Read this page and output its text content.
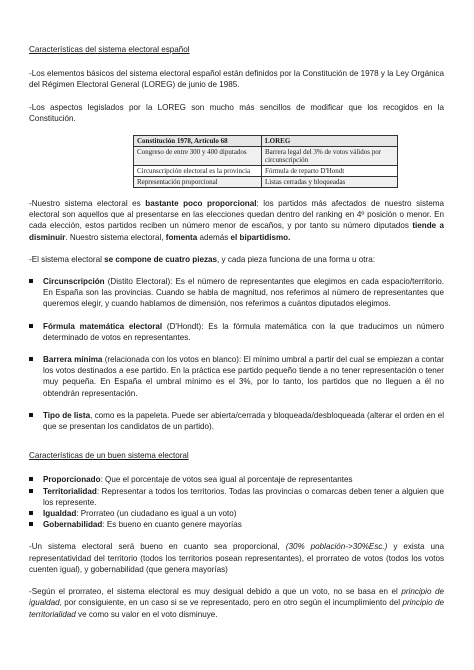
Características del sistema electoral español

-Los elementos básicos del sistema electoral español están definidos por la Constitución de 1978 y la Ley Orgánica del Régimen Electoral General (LOREG) de junio de 1985.

-Los aspectos legislados por la LOREG son mucho más sencillos de modificar que los recogidos en la Constitución.

Constitución 1978, Artículo 68	LOREG
Congreso de entre 300 y 400 diputados	Barrera legal del 3% de votos válidos por circunscripción
Circunscripción electoral es la provincia	Fórmula de reparto D'Hondt
Representación proporcional	Listas cerradas y bloqueadas

-Nuestro sistema electoral es bastante poco proporcional: los partidos más afectados de nuestro sistema electoral son aquellos que al presentarse en las elecciones quedan dentro del ranking en 4º posición o menor. En cada elección, estos partidos reciben un número menor de escaños, y por tanto su número diputados tiende a disminuir. Nuestro sistema electoral, fomenta además el bipartidismo.

-El sistema electoral se compone de cuatro piezas, y cada pieza funciona de una forma u otra:

Circunscripción (Distito Electoral): Es el número de representantes que elegimos en cada espacio/territorio. En España son las provincias. Cuando se habla de magnitud, nos referimos al número de representantes que queremos elegir, y cuando hablamos de dimensión, nos referimos a cuántos diputados elegimos.
Fórmula matemática electoral (D'Hondt): Es la fórmula matemática con la que traducimos un número determinado de votos en representantes.
Barrera mínima (relacionada con los votos en blanco): El mínimo umbral a partir del cual se empiezan a contar los votos destinados a ese partido. En la práctica ese partido pequeño tiende a no tener representación o tener muy pequeña. En España el umbral mínimo es el 3%, por lo tanto, los partidos que no lleguen a él no obtendrán representación.
Tipo de lista, como es la papeleta. Puede ser abierta/cerrada y bloqueada/desbloqueada (alterar el orden en el que se presentan los candidatos de un partido).
Características de un buen sistema electoral
Proporcionado: Que el porcentaje de votos sea igual al porcentaje de representantes
Territorialidad: Representar a todos los territorios. Todas las provincias o comarcas deben tener a alguien que los represente.
Igualdad: Prorrateo (un ciudadano es igual a un voto)
Gobernabilidad: Es bueno en cuanto genere mayorías

-Un sistema electoral será bueno en cuanto sea proporcional, (30% población->30%Esc.) y exista una representatividad del territorio (todos los territorios posean representantes), el prorrateo de votos (todos los votos cuenten igual), y gobernabilidad (que genera mayorías)

-Según el prorrateo, el sistema electoral es muy desigual debido a que un voto, no se basa en el principio de igualdad, por consiguiente, en un caso si se ve representado, pero en otro según el incumplimiento del principio de territorialidad ve como su valor en el voto disminuye.
